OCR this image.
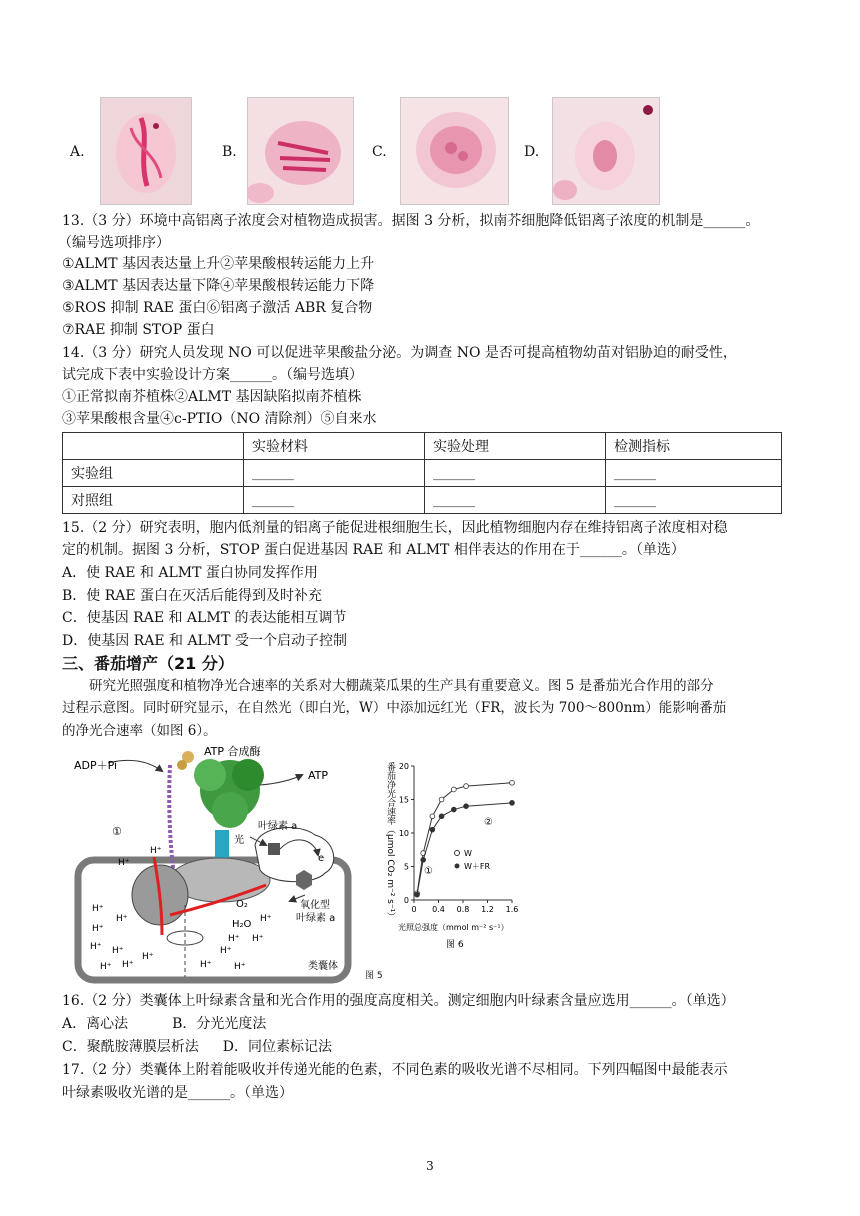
A.	B.	C.	D.
13.（3 分）环境中高铝离子浓度会对植物造成损害。据图 3 分析，拟南芥细胞降低铝离子浓度的机制是______。
（编号选项排序）
①ALMT 基因表达量上升②苹果酸根转运能力上升
③ALMT 基因表达量下降④苹果酸根转运能力下降
⑤ROS 抑制 RAE 蛋白⑥铝离子激活 ABR 复合物
⑦RAE 抑制 STOP 蛋白
14.（3 分）研究人员发现 NO 可以促进苹果酸盐分泌。为调查 NO 是否可提高植物幼苗对铝胁迫的耐受性，
试完成下表中实验设计方案______。（编号选填）
①正常拟南芥植株②ALMT 基因缺陷拟南芥植株
③苹果酸根含量④c-PTIO（NO 清除剂）⑤自来水
	实验材料	实验处理	检测指标
实验组	______	______	______
对照组	______	______	______
15.（2 分）研究表明，胞内低剂量的铝离子能促进根细胞生长，因此植物细胞内存在维持铝离子浓度相对稳
定的机制。据图 3 分析，STOP 蛋白促进基因 RAE 和 ALMT 相伴表达的作用在于______。（单选）
A．使 RAE 和 ALMT 蛋白协同发挥作用
B．使 RAE 蛋白在灭活后能得到及时补充
C．使基因 RAE 和 ALMT 的表达能相互调节
D．使基因 RAE 和 ALMT 受一个启动子控制
三、番茄增产（21 分）
研究光照强度和植物净光合速率的关系对大棚蔬菜瓜果的生产具有重要意义。图 5 是番茄光合作用的部分
过程示意图。同时研究显示，在自然光（即白光，W）中添加远红光（FR，波长为 700～800nm）能影响番茄
的净光合速率（如图 6）。
ATP 合成酶
ADP＋Pi
ATP
①
光
叶绿素 a
e
氧化型
叶绿素 a
O₂
H₂O
类囊体
H⁺
H⁺
H⁺
H⁺
H⁺
H⁺ H⁺
H⁺ H⁺
H⁺
H⁺
H⁺
H⁺
H⁺
H⁺
H⁺
图 5
0 0.4 0.8 1.2 1.6
0
5
10
15
20
番茄净光合速率（μmol CO₂ m⁻² s⁻¹）
光照总强度（mmol m⁻² s⁻¹）
图 6
①
②
W
W＋FR
16.（2 分）类囊体上叶绿素含量和光合作用的强度高度相关。测定细胞内叶绿素含量应选用______。（单选）
A．离心法	B．分光光度法
C．聚酰胺薄膜层析法 D．同位素标记法
17.（2 分）类囊体上附着能吸收并传递光能的色素，不同色素的吸收光谱不尽相同。下列四幅图中最能表示
叶绿素吸收光谱的是______。（单选）
3
